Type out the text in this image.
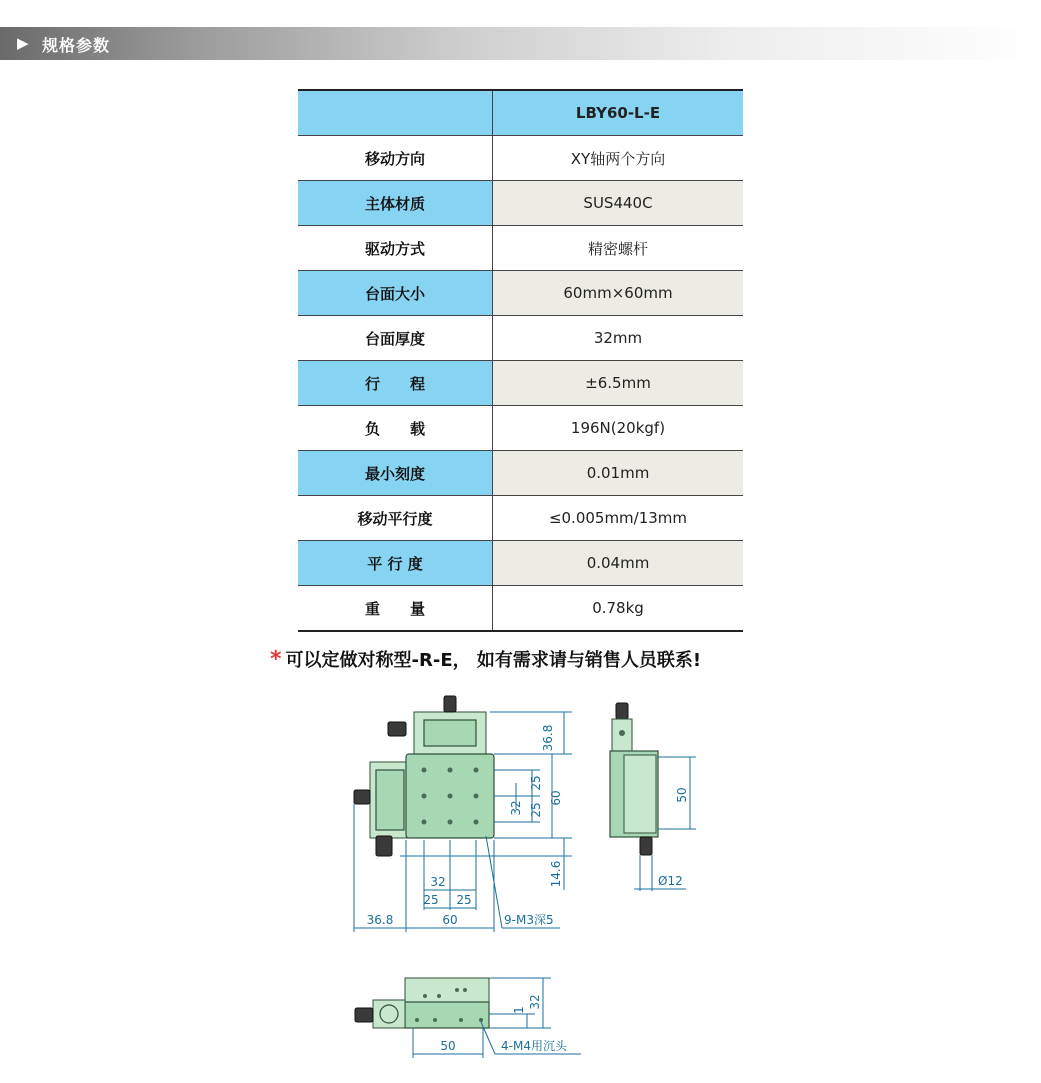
▶ 规格参数
	LBY60-L-E
移动方向	XY轴两个方向
主体材质	SUS440C
驱动方式	精密螺杆
台面大小	60mm×60mm
台面厚度	32mm
行　　程	±6.5mm
负　　载	196N(20kgf)
最小刻度	0.01mm
移动平行度	≤0.005mm/13mm
平 行 度	0.04mm
重　　量	0.78kg
* 可以定做对称型-R-E， 如有需求请与销售人员联系!
36.8
25
60
32 25
14.6
32
25 25
36.8	60	9-M3深5
50
Ø12
1
32
50	4-M4用沉头
